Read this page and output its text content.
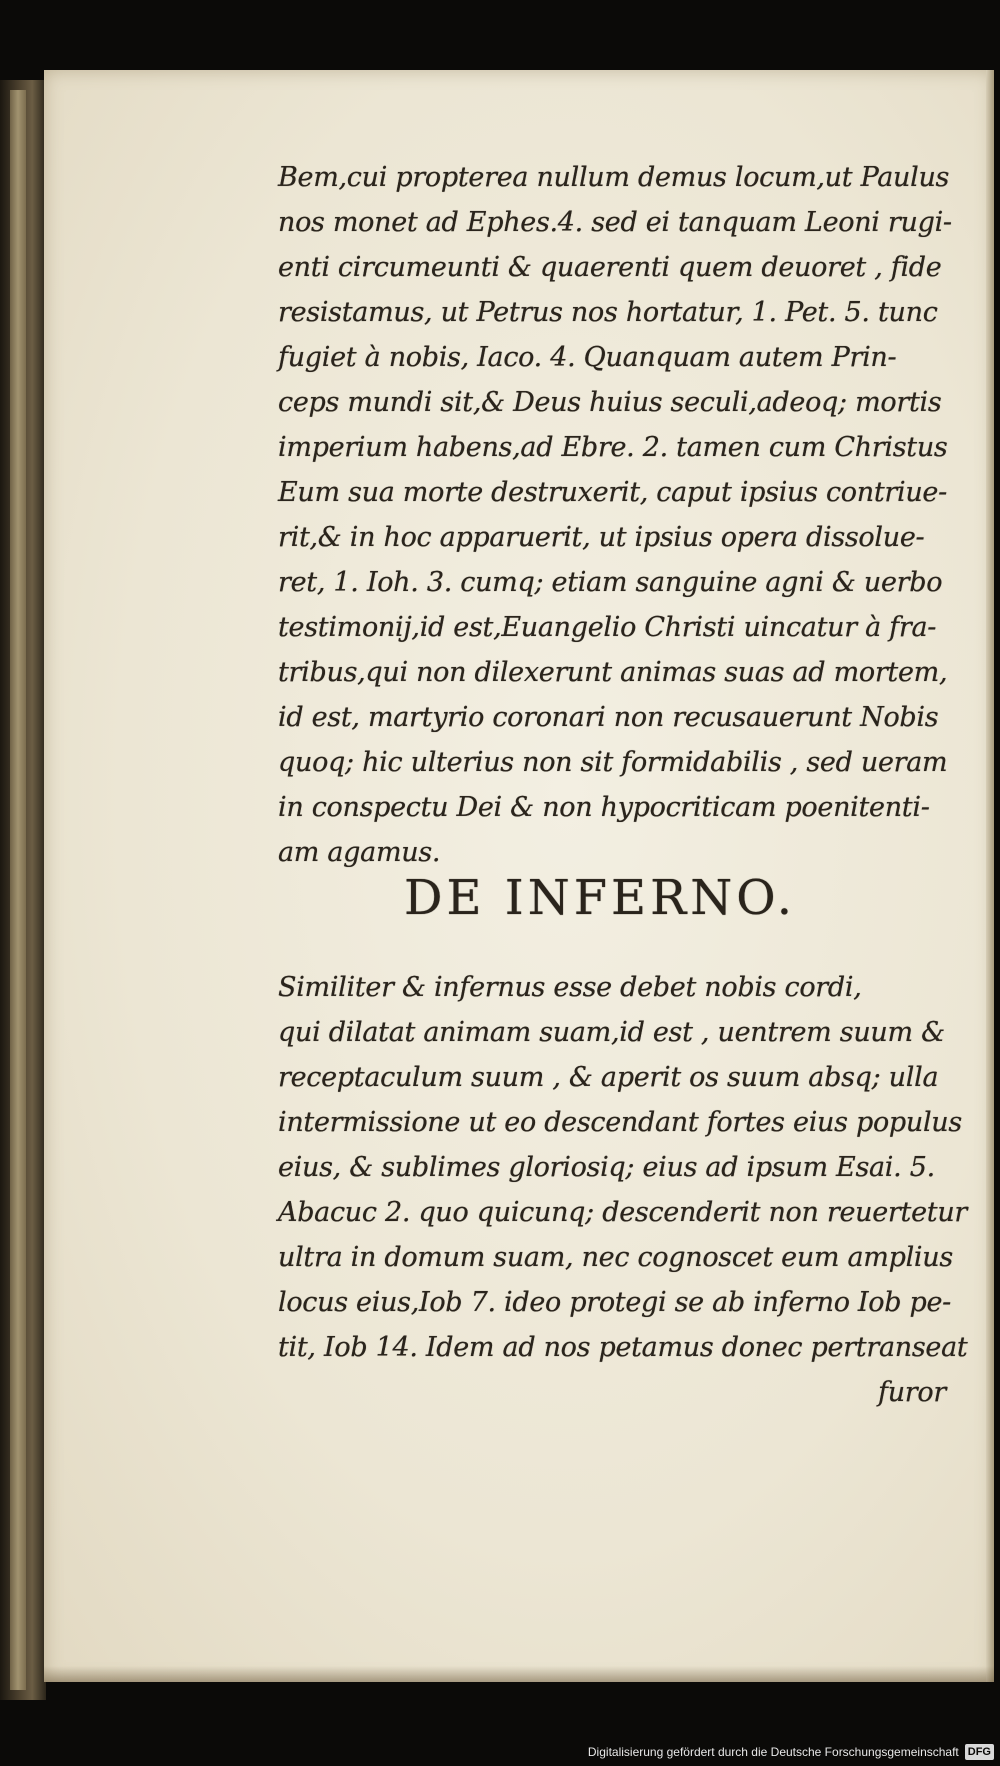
Bem,cui propterea nullum demus locum,ut Paulus

nos monet ad Ephes.4. sed ei tanquam Leoni rugi-

enti circumeunti & quaerenti quem deuoret , fide

resistamus, ut Petrus nos hortatur, 1. Pet. 5. tunc

fugiet à nobis, Iaco. 4. Quanquam autem Prin-

ceps mundi sit,& Deus huius seculi,adeoq; mortis

imperium habens,ad Ebre. 2. tamen cum Christus

Eum sua morte destruxerit, caput ipsius contriue-

rit,& in hoc apparuerit, ut ipsius opera dissolue-

ret, 1. Ioh. 3. cumq; etiam sanguine agni & uerbo

testimonij,id est,Euangelio Christi uincatur à fra-

tribus,qui non dilexerunt animas suas ad mortem,

id est, martyrio coronari non recusauerunt Nobis

quoq; hic ulterius non sit formidabilis , sed ueram

in conspectu Dei & non hypocriticam poenitenti-

am agamus.

DE INFERNO.

Similiter & infernus esse debet nobis cordi,

qui dilatat animam suam,id est , uentrem suum &

receptaculum suum , & aperit os suum absq; ulla

intermissione ut eo descendant fortes eius populus

eius, & sublimes gloriosiq; eius ad ipsum Esai. 5.

Abacuc 2. quo quicunq; descenderit non reuertetur

ultra in domum suam, nec cognoscet eum amplius

locus eius,Iob 7. ideo protegi se ab inferno Iob pe-

tit, Iob 14. Idem ad nos petamus donec pertranseat

furor

Digitalisierung gefördert durch die Deutsche Forschungsgemeinschaft DFG
